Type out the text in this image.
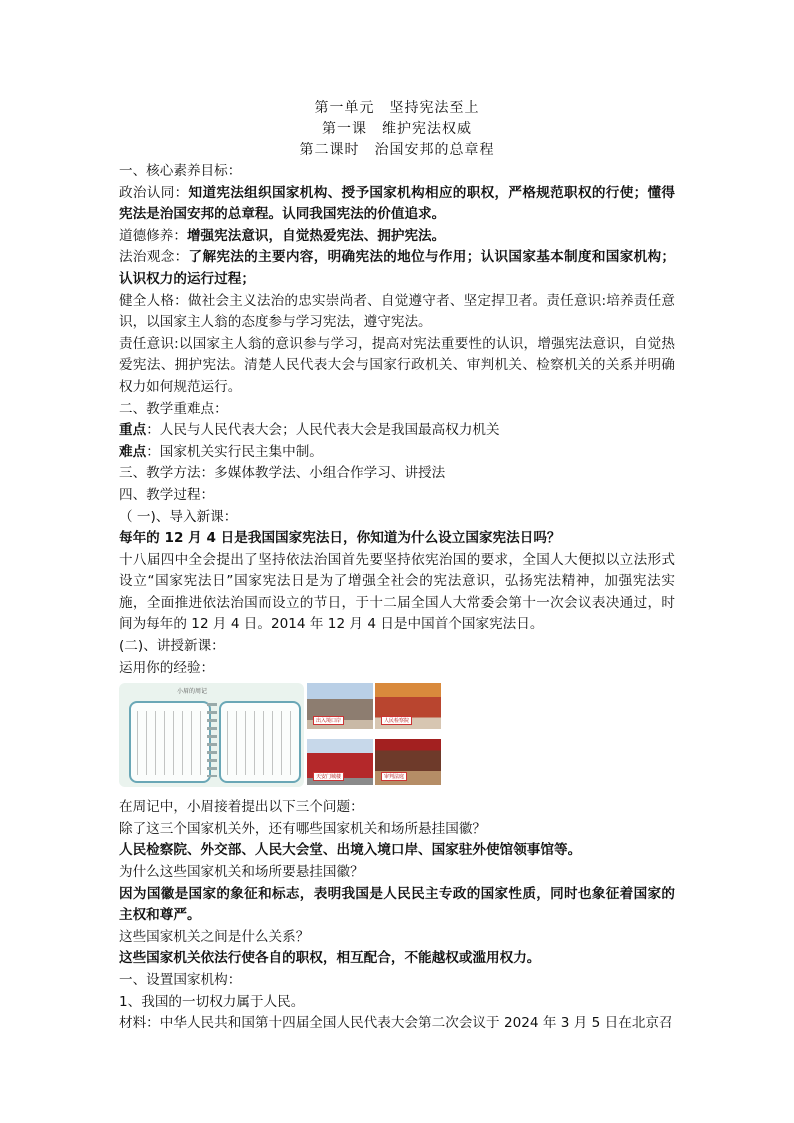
第一单元　坚持宪法至上
第一课　维护宪法权威
第二课时　治国安邦的总章程
一、核心素养目标：
政治认同：知道宪法组织国家机构、授予国家机构相应的职权，严格规范职权的行使；懂得宪法是治国安邦的总章程。认同我国宪法的价值追求。
道德修养：增强宪法意识，自觉热爱宪法、拥护宪法。
法治观念：了解宪法的主要内容，明确宪法的地位与作用；认识国家基本制度和国家机构；认识权力的运行过程；
健全人格：做社会主义法治的忠实崇尚者、自觉遵守者、坚定捍卫者。责任意识:培养责任意识，以国家主人翁的态度参与学习宪法，遵守宪法。
责任意识:以国家主人翁的意识参与学习，提高对宪法重要性的认识，增强宪法意识，自觉热爱宪法、拥护宪法。清楚人民代表大会与国家行政机关、审判机关、检察机关的关系并明确权力如何规范运行。
二、教学重难点：
重点：人民与人民代表大会；人民代表大会是我国最高权力机关
难点：国家机关实行民主集中制。
三、教学方法：多媒体教学法、小组合作学习、讲授法
四、教学过程：
（ 一)、导入新课：
每年的 12 月 4 日是我国国家宪法日，你知道为什么设立国家宪法日吗？
十八届四中全会提出了坚持依法治国首先要坚持依宪治国的要求，全国人大便拟以立法形式设立“国家宪法日”国家宪法日是为了增强全社会的宪法意识，弘扬宪法精神，加强宪法实施，全面推进依法治国而设立的节日，于十二届全国人大常委会第十一次会议表决通过，时间为每年的 12 月 4 日。2014 年 12 月 4 日是中国首个国家宪法日。
(二)、讲授新课：
运用你的经验：
小眉的周记
出入境口岸	人民检察院
天安门城楼	审判法庭
在周记中，小眉接着提出以下三个问题：
除了这三个国家机关外，还有哪些国家机关和场所悬挂国徽？
人民检察院、外交部、人民大会堂、出境入境口岸、国家驻外使馆领事馆等。
为什么这些国家机关和场所要悬挂国徽？
因为国徽是国家的象征和标志，表明我国是人民民主专政的国家性质，同时也象征着国家的主权和尊严。
这些国家机关之间是什么关系？
这些国家机关依法行使各自的职权，相互配合，不能越权或滥用权力。
一、设置国家机构：
1、我国的一切权力属于人民。
材料：中华人民共和国第十四届全国人民代表大会第二次会议于 2024 年 3 月 5 日在北京召
